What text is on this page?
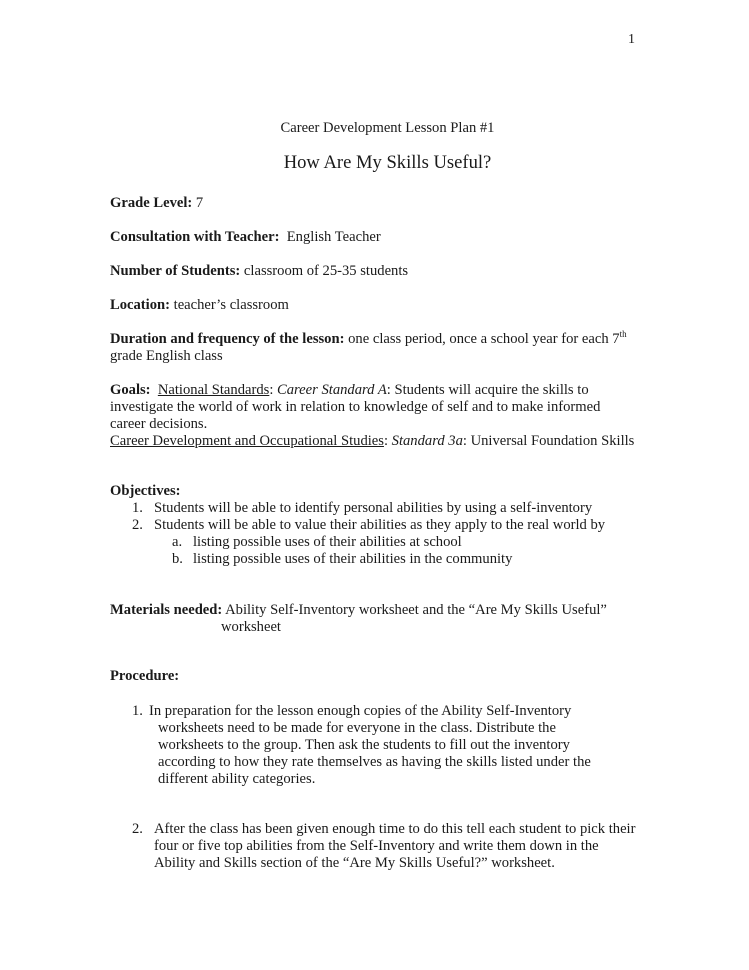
1
Career Development Lesson Plan #1
How Are My Skills Useful?
Grade Level: 7
Consultation with Teacher:  English Teacher
Number of Students: classroom of 25-35 students
Location: teacher’s classroom
Duration and frequency of the lesson: one class period, once a school year for each 7th
grade English class
Goals: National Standards: Career Standard A: Students will acquire the skills to
investigate the world of work in relation to knowledge of self and to make informed
career decisions.
Career Development and Occupational Studies: Standard 3a: Universal Foundation Skills
Objectives:
1. Students will be able to identify personal abilities by using a self-inventory
2. Students will be able to value their abilities as they apply to the real world by
a. listing possible uses of their abilities at school
b. listing possible uses of their abilities in the community
Materials needed: Ability Self-Inventory worksheet and the “Are My Skills Useful”
worksheet
Procedure:
1. In preparation for the lesson enough copies of the Ability Self-Inventory
worksheets need to be made for everyone in the class. Distribute the
worksheets to the group. Then ask the students to fill out the inventory
according to how they rate themselves as having the skills listed under the
different ability categories.
2. After the class has been given enough time to do this tell each student to pick their
four or five top abilities from the Self-Inventory and write them down in the
Ability and Skills section of the “Are My Skills Useful?” worksheet.
